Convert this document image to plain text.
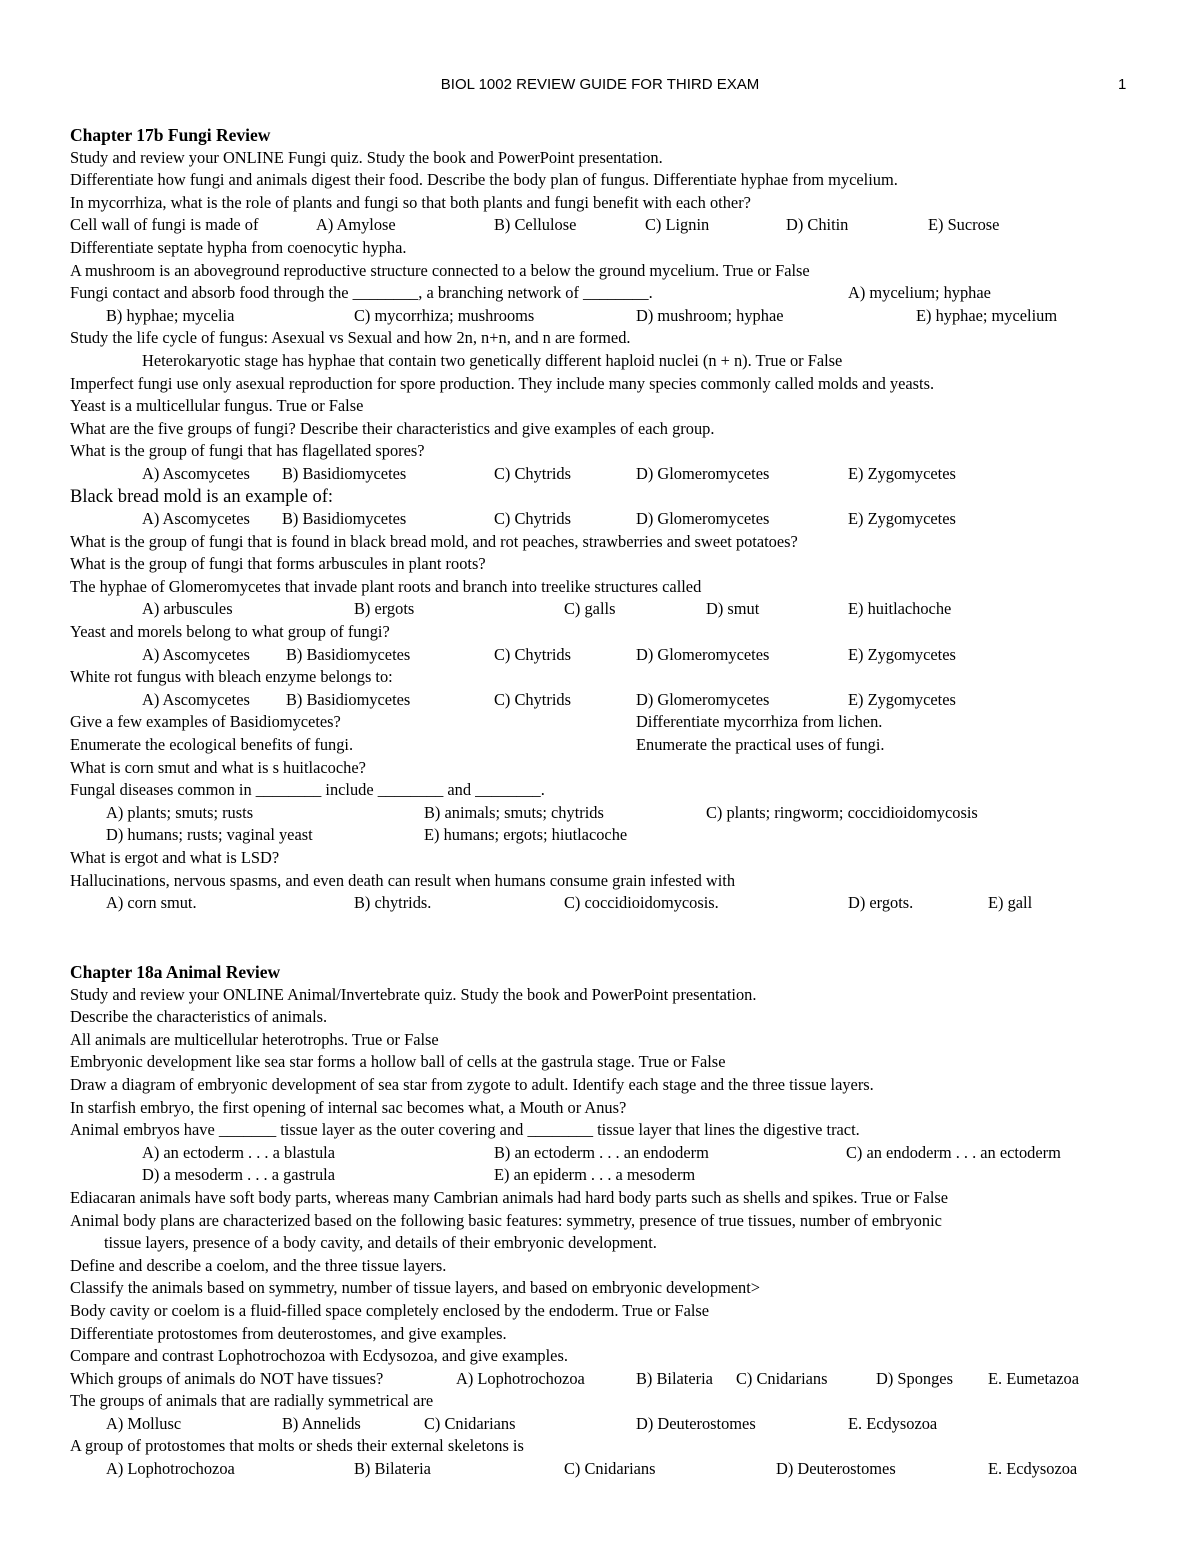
BIOL 1002 REVIEW GUIDE FOR THIRD EXAM	1
Chapter 17b Fungi Review
Study and review your ONLINE Fungi quiz. Study the book and PowerPoint presentation.
Differentiate how fungi and animals digest their food. Describe the body plan of fungus. Differentiate hyphae from mycelium.
In mycorrhiza, what is the role of plants and fungi so that both plants and fungi benefit with each other?
Cell wall of fungi is made of	A) Amylose	B) Cellulose	C) Lignin	D) Chitin	E) Sucrose
Differentiate septate hypha from coenocytic hypha.
A mushroom is an aboveground reproductive structure connected to a below the ground mycelium. True or False
Fungi contact and absorb food through the ________, a branching network of ________.	A) mycelium; hyphae
B) hyphae; mycelia	C) mycorrhiza; mushrooms	D) mushroom; hyphae	E) hyphae; mycelium
Study the life cycle of fungus: Asexual vs Sexual and how 2n, n+n, and n are formed.
Heterokaryotic stage has hyphae that contain two genetically different haploid nuclei (n + n). True or False
Imperfect fungi use only asexual reproduction for spore production. They include many species commonly called molds and yeasts.
Yeast is a multicellular fungus. True or False
What are the five groups of fungi? Describe their characteristics and give examples of each group.
What is the group of fungi that has flagellated spores?
A) Ascomycetes B) Basidiomycetes	C) Chytrids	D) Glomeromycetes	E) Zygomycetes
Black bread mold is an example of:
A) Ascomycetes B) Basidiomycetes	C) Chytrids	D) Glomeromycetes	E) Zygomycetes
What is the group of fungi that is found in black bread mold, and rot peaches, strawberries and sweet potatoes?
What is the group of fungi that forms arbuscules in plant roots?
The hyphae of Glomeromycetes that invade plant roots and branch into treelike structures called
A) arbuscules	B) ergots	C) galls	D) smut	E) huitlachoche
Yeast and morels belong to what group of fungi?
A) Ascomycetes B) Basidiomycetes	C) Chytrids	D) Glomeromycetes	E) Zygomycetes
White rot fungus with bleach enzyme belongs to:
A) Ascomycetes B) Basidiomycetes	C) Chytrids	D) Glomeromycetes	E) Zygomycetes
Give a few examples of Basidiomycetes?	Differentiate mycorrhiza from lichen.
Enumerate the ecological benefits of fungi.	Enumerate the practical uses of fungi.
What is corn smut and what is s huitlacoche?
Fungal diseases common in ________ include ________ and ________.
A) plants; smuts; rusts	B) animals; smuts; chytrids	C) plants; ringworm; coccidioidomycosis
D) humans; rusts; vaginal yeast	E) humans; ergots; hiutlacoche
What is ergot and what is LSD?
Hallucinations, nervous spasms, and even death can result when humans consume grain infested with
A) corn smut.	B) chytrids.	C) coccidioidomycosis.	D) ergots.	E) gall
Chapter 18a Animal Review
Study and review your ONLINE Animal/Invertebrate quiz. Study the book and PowerPoint presentation.
Describe the characteristics of animals.
All animals are multicellular heterotrophs. True or False
Embryonic development like sea star forms a hollow ball of cells at the gastrula stage. True or False
Draw a diagram of embryonic development of sea star from zygote to adult. Identify each stage and the three tissue layers.
In starfish embryo, the first opening of internal sac becomes what, a Mouth or Anus?
Animal embryos have _______ tissue layer as the outer covering and ________ tissue layer that lines the digestive tract.
A) an ectoderm . . . a blastula	B) an ectoderm . . . an endoderm	C) an endoderm . . . an ectoderm
D) a mesoderm . . . a gastrula	E) an epiderm . . . a mesoderm
Ediacaran animals have soft body parts, whereas many Cambrian animals had hard body parts such as shells and spikes. True or False
Animal body plans are characterized based on the following basic features: symmetry, presence of true tissues, number of embryonic
tissue layers, presence of a body cavity, and details of their embryonic development.
Define and describe a coelom, and the three tissue layers.
Classify the animals based on symmetry, number of tissue layers, and based on embryonic development>
Body cavity or coelom is a fluid-filled space completely enclosed by the endoderm. True or False
Differentiate protostomes from deuterostomes, and give examples.
Compare and contrast Lophotrochozoa with Ecdysozoa, and give examples.
Which groups of animals do NOT have tissues?	A) Lophotrochozoa	B) Bilateria C) Cnidarians	D) Sponges E. Eumetazoa
The groups of animals that are radially symmetrical are
A) Mollusc	B) Annelids	C) Cnidarians	D) Deuterostomes	E. Ecdysozoa
A group of protostomes that molts or sheds their external skeletons is
A) Lophotrochozoa	B) Bilateria	C) Cnidarians	D) Deuterostomes	E. Ecdysozoa
